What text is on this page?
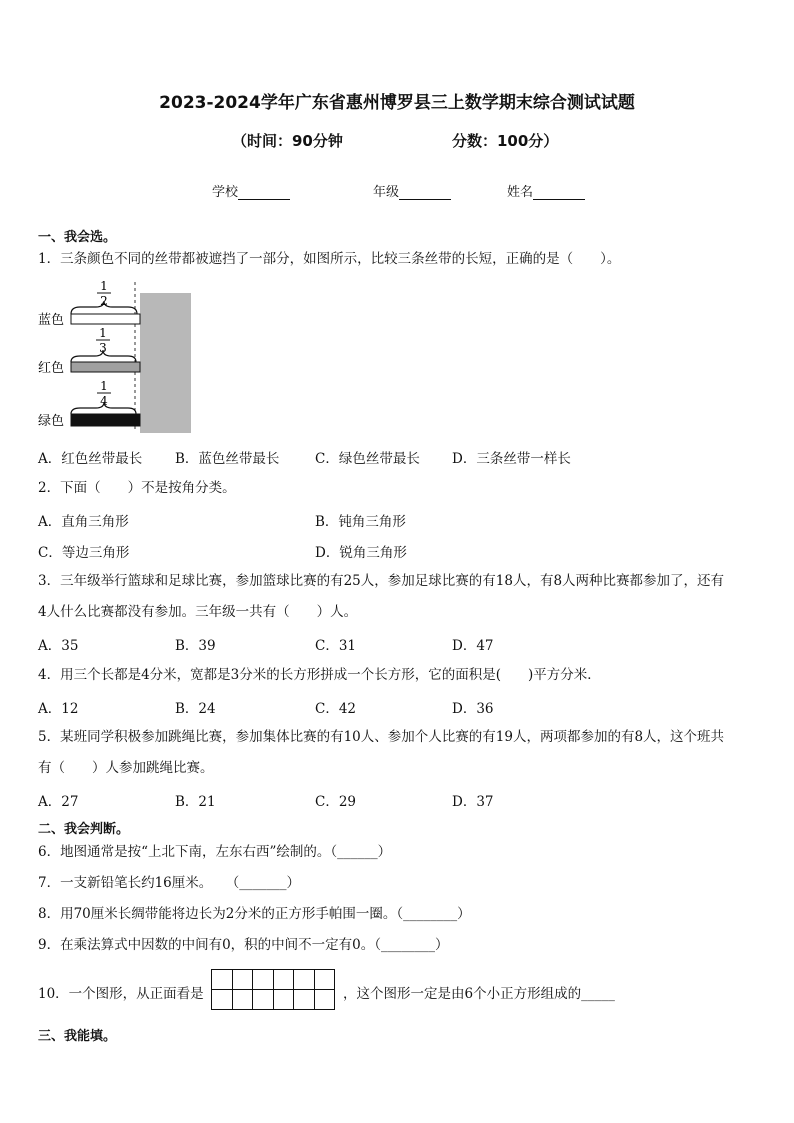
2023-2024学年广东省惠州博罗县三上数学期末综合测试试题
（时间：90分钟	分数：100分）
学校	年级	姓名
一、我会选。
1．三条颜色不同的丝带都被遮挡了一部分，如图所示，比较三条丝带的长短，正确的是（　　）。
蓝色
1
2
红色
1
3
绿色
1
4
A．红色丝带最长 B．蓝色丝带最长	C．绿色丝带最长 D．三条丝带一样长
2．下面（　　）不是按角分类。
A．直角三角形	B．钝角三角形
C．等边三角形	D．锐角三角形
3．三年级举行篮球和足球比赛，参加篮球比赛的有25人，参加足球比赛的有18人，有8人两种比赛都参加了，还有
4人什么比赛都没有参加。三年级一共有（　　）人。
A．35	B．39	C．31	D．47
4．用三个长都是4分米，宽都是3分米的长方形拼成一个长方形，它的面积是(　　)平方分米．
A．12	B．24	C．42	D．36
5．某班同学积极参加跳绳比赛，参加集体比赛的有10人、参加个人比赛的有19人，两项都参加的有8人，这个班共
有（　　）人参加跳绳比赛。
A．27	B．21	C．29	D．37
二、我会判断。
6．地图通常是按“上北下南，左东右西”绘制的。（______）
7．一支新铅笔长约16厘米。　　（_______）
8．用70厘米长绸带能将边长为2分米的正方形手帕围一圈。（________）
9．在乘法算式中因数的中间有0，积的中间不一定有0。（________）
10．一个图形，从正面看是

						，这个图形一定是由6个小正方形组成的_____
三、我能填。
